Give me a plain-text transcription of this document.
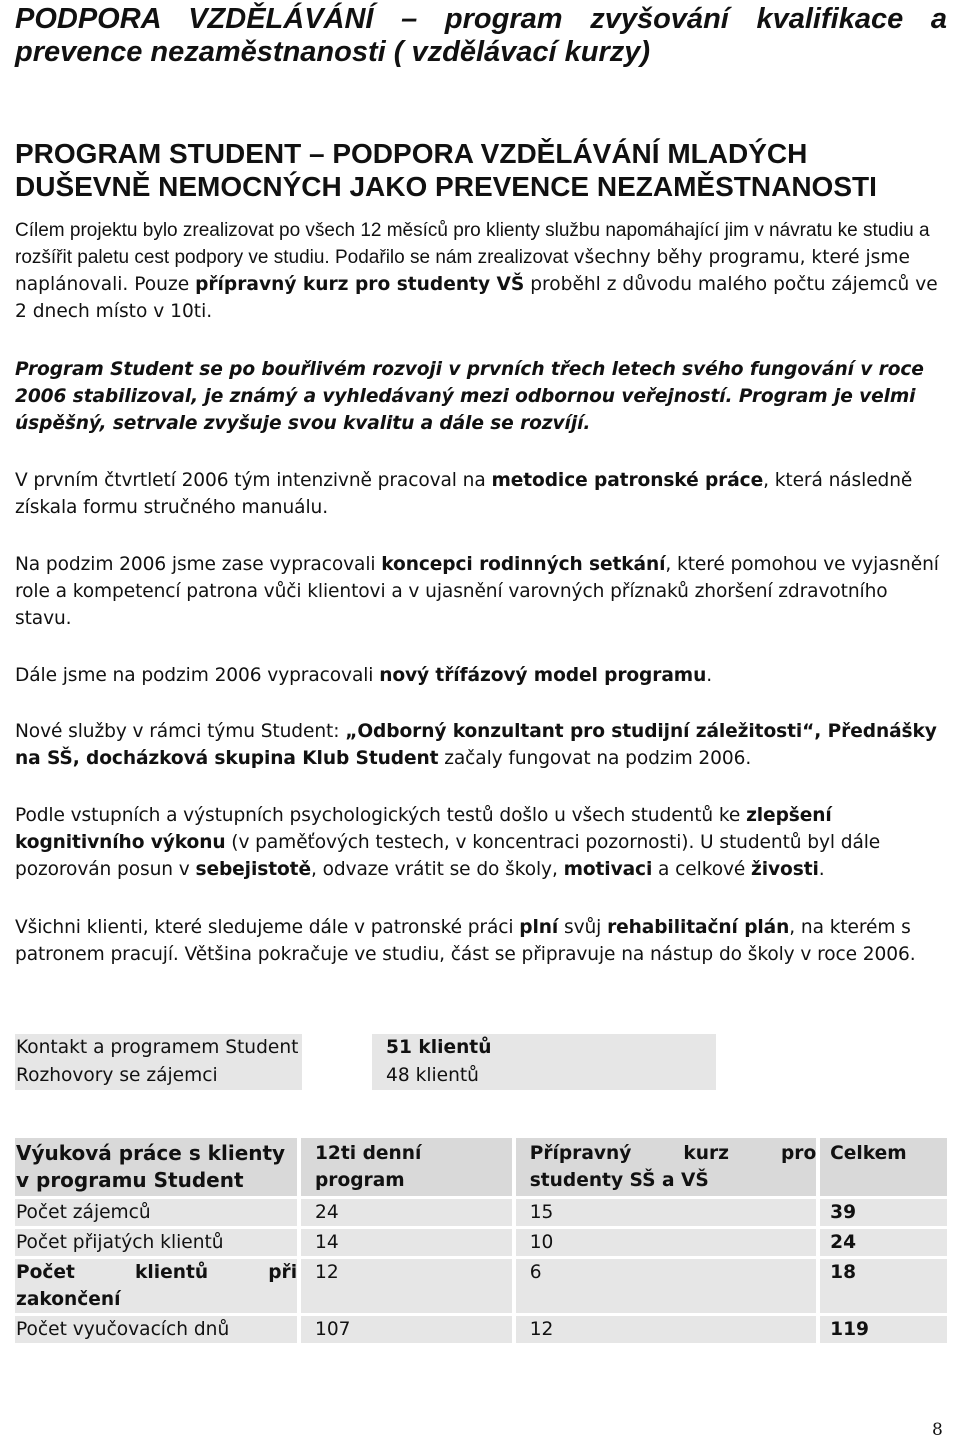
PODPORA VZDĚLÁVÁNÍ – program zvyšování kvalifikace a prevence nezaměstnanosti ( vzdělávací kurzy)
PROGRAM STUDENT – PODPORA VZDĚLÁVÁNÍ MLADÝCH DUŠEVNĚ NEMOCNÝCH JAKO PREVENCE NEZAMĚSTNANOSTI

Cílem projektu bylo zrealizovat po všech 12 měsíců pro klienty službu napomáhající jim v návratu ke studiu a rozšířit paletu cest podpory ve studiu. Podařilo se nám zrealizovat všechny běhy programu, které jsme naplánovali. Pouze přípravný kurz pro studenty VŠ proběhl z důvodu malého počtu zájemců ve 2 dnech místo v 10ti.

Program Student se po bouřlivém rozvoji v prvních třech letech svého fungování v roce 2006 stabilizoval, je známý a vyhledávaný mezi odbornou veřejností. Program je velmi úspěšný, setrvale zvyšuje svou kvalitu a dále se rozvíjí.

V prvním čtvrtletí 2006 tým intenzivně pracoval na metodice patronské práce, která následně získala formu stručného manuálu.

Na podzim 2006 jsme zase vypracovali koncepci rodinných setkání, které pomohou ve vyjasnění role a kompetencí patrona vůči klientovi a v ujasnění varovných příznaků zhoršení zdravotního stavu.

Dále jsme na podzim 2006 vypracovali nový třífázový model programu.

Nové služby v rámci týmu Student: „Odborný konzultant pro studijní záležitosti“, Přednášky na SŠ, docházková skupina Klub Student začaly fungovat na podzim 2006.

Podle vstupních a výstupních psychologických testů došlo u všech studentů ke zlepšení kognitivního výkonu (v paměťových testech, v koncentraci pozornosti). U studentů byl dále pozorován posun v sebejistotě, odvaze vrátit se do školy, motivaci a celkové živosti.

Všichni klienti, které sledujeme dále v patronské práci plní svůj rehabilitační plán, na kterém s patronem pracují. Většina pokračuje ve studiu, část se připravuje na nástup do školy v roce 2006.

Kontakt a programem Student		51 klientů
Rozhovory se zájemci		48 klientů
Výuková práce s klienty v programu Student		12ti denní program		Přípravný kurz pro studenty SŠ a VŠ		Celkem

Počet zájemců		24		15		39

Počet přijatých klientů		14		10		24

Počet klientů při zakončení		12		6		18

Počet vyučovacích dnů		107		12		119

8
